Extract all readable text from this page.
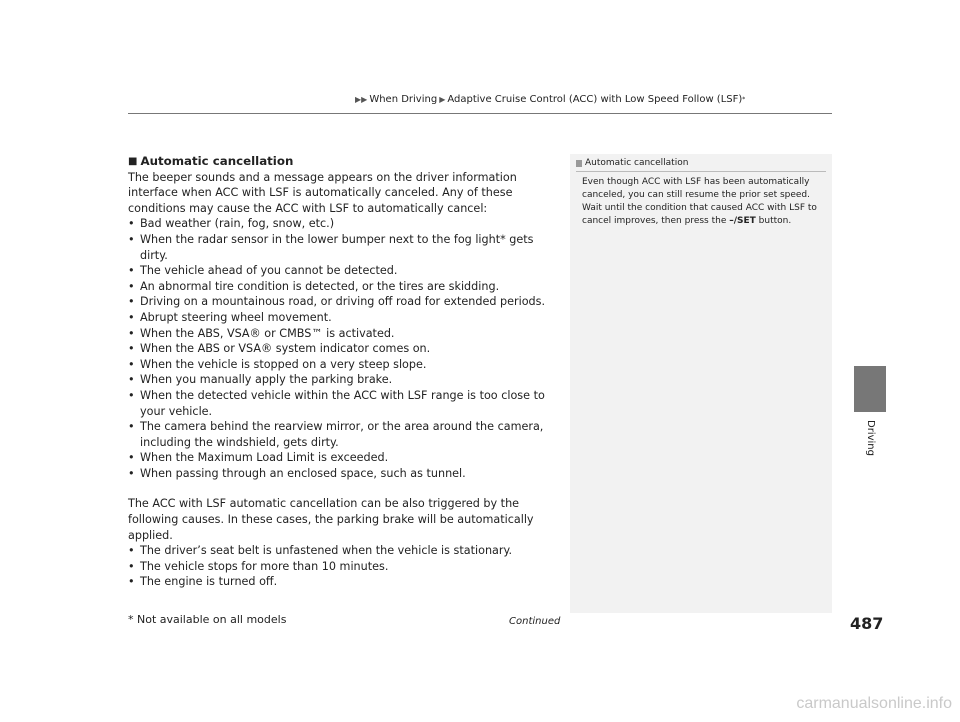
▶▶ When Driving ▶ Adaptive Cruise Control (ACC) with Low Speed Follow (LSF) *
■ Automatic cancellation

The beeper sounds and a message appears on the driver information interface when ACC with LSF is automatically canceled. Any of these conditions may cause the ACC with LSF to automatically cancel:

• Bad weather (rain, fog, snow, etc.)
• When the radar sensor in the lower bumper next to the fog light* gets dirty.
• The vehicle ahead of you cannot be detected.
• An abnormal tire condition is detected, or the tires are skidding.
• Driving on a mountainous road, or driving off road for extended periods.
• Abrupt steering wheel movement.
• When the ABS, VSA® or CMBS™ is activated.
• When the ABS or VSA® system indicator comes on.
• When the vehicle is stopped on a very steep slope.
• When you manually apply the parking brake.
• When the detected vehicle within the ACC with LSF range is too close to your vehicle.
• The camera behind the rearview mirror, or the area around the camera, including the windshield, gets dirty.
• When the Maximum Load Limit is exceeded.
• When passing through an enclosed space, such as tunnel.

The ACC with LSF automatic cancellation can be also triggered by the following causes. In these cases, the parking brake will be automatically applied.

• The driver’s seat belt is unfastened when the vehicle is stationary.
• The vehicle stops for more than 10 minutes.
• The engine is turned off.
Automatic cancellation
Even though ACC with LSF has been automatically canceled, you can still resume the prior set speed. Wait until the condition that caused ACC with LSF to cancel improves, then press the –/SET button.
Driving
* Not available on all models	Continued	487
carmanualsonline.info
